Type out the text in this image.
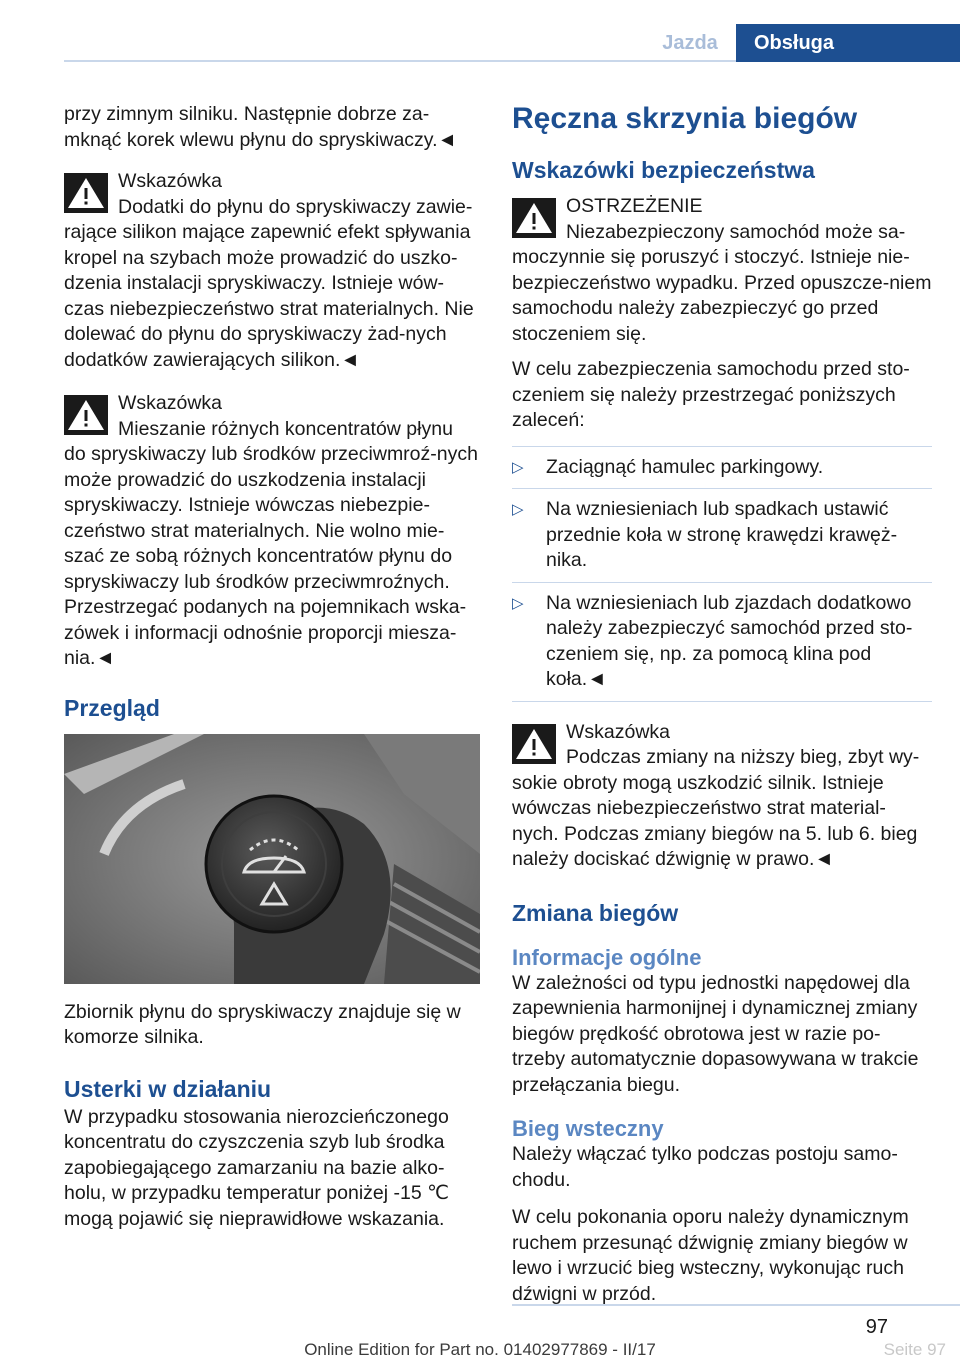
Jazda	Obsługa

przy zimnym silniku. Następnie dobrze za-mknąć korek wlewu płynu do spryskiwaczy.◄

Wskazówka

Dodatki do płynu do spryskiwaczy zawie-rające silikon mające zapewnić efekt spływania kropel na szybach może prowadzić do uszko-dzenia instalacji spryskiwaczy. Istnieje wów-czas niebezpieczeństwo strat materialnych. Nie dolewać do płynu do spryskiwaczy żad-nych dodatków zawierających silikon.◄

Wskazówka

Mieszanie różnych koncentratów płynu do spryskiwaczy lub środków przeciwmroź-nych może prowadzić do uszkodzenia instalacji spryskiwaczy. Istnieje wówczas niebezpie-czeństwo strat materialnych. Nie wolno mie-szać ze sobą różnych koncentratów płynu do spryskiwaczy lub środków przeciwmroźnych. Przestrzegać podanych na pojemnikach wska-zówek i informacji odnośnie proporcji miesza-nia.◄

Przegląd

Zbiornik płynu do spryskiwaczy znajduje się w komorze silnika.

Usterki w działaniu

W przypadku stosowania nierozcieńczonego koncentratu do czyszczenia szyb lub środka zapobiegającego zamarzaniu na bazie alko-holu, w przypadku temperatur poniżej -15 ℃ mogą pojawić się nieprawidłowe wskazania.

Ręczna skrzynia biegów
Wskazówki bezpieczeństwa

OSTRZEŻENIE

Niezabezpieczony samochód może sa-moczynnie się poruszyć i stoczyć. Istnieje nie-bezpieczeństwo wypadku. Przed opuszcze-niem samochodu należy zabezpieczyć go przed stoczeniem się.

W celu zabezpieczenia samochodu przed sto-czeniem się należy przestrzegać poniższych zaleceń:

▷ Zaciągnąć hamulec parkingowy.
▷ Na wzniesieniach lub spadkach ustawić przednie koła w stronę krawędzi krawęż-nika.
▷ Na wzniesieniach lub zjazdach dodatkowo należy zabezpieczyć samochód przed sto-czeniem się, np. za pomocą klina pod koła.◄

Wskazówka

Podczas zmiany na niższy bieg, zbyt wy-sokie obroty mogą uszkodzić silnik. Istnieje wówczas niebezpieczeństwo strat material-nych. Podczas zmiany biegów na 5. lub 6. bieg należy dociskać dźwignię w prawo.◄

Zmiana biegów
Informacje ogólne

W zależności od typu jednostki napędowej dla zapewnienia harmonijnej i dynamicznej zmiany biegów prędkość obrotowa jest w razie po-trzeby automatycznie dopasowywana w trakcie przełączania biegu.

Bieg wsteczny

Należy włączać tylko podczas postoju samo-chodu.

W celu pokonania oporu należy dynamicznym ruchem przesunąć dźwignię zmiany biegów w lewo i wrzucić bieg wsteczny, wykonując ruch dźwigni w przód.

97
Online Edition for Part no. 01402977869 - II/17	Seite 97
